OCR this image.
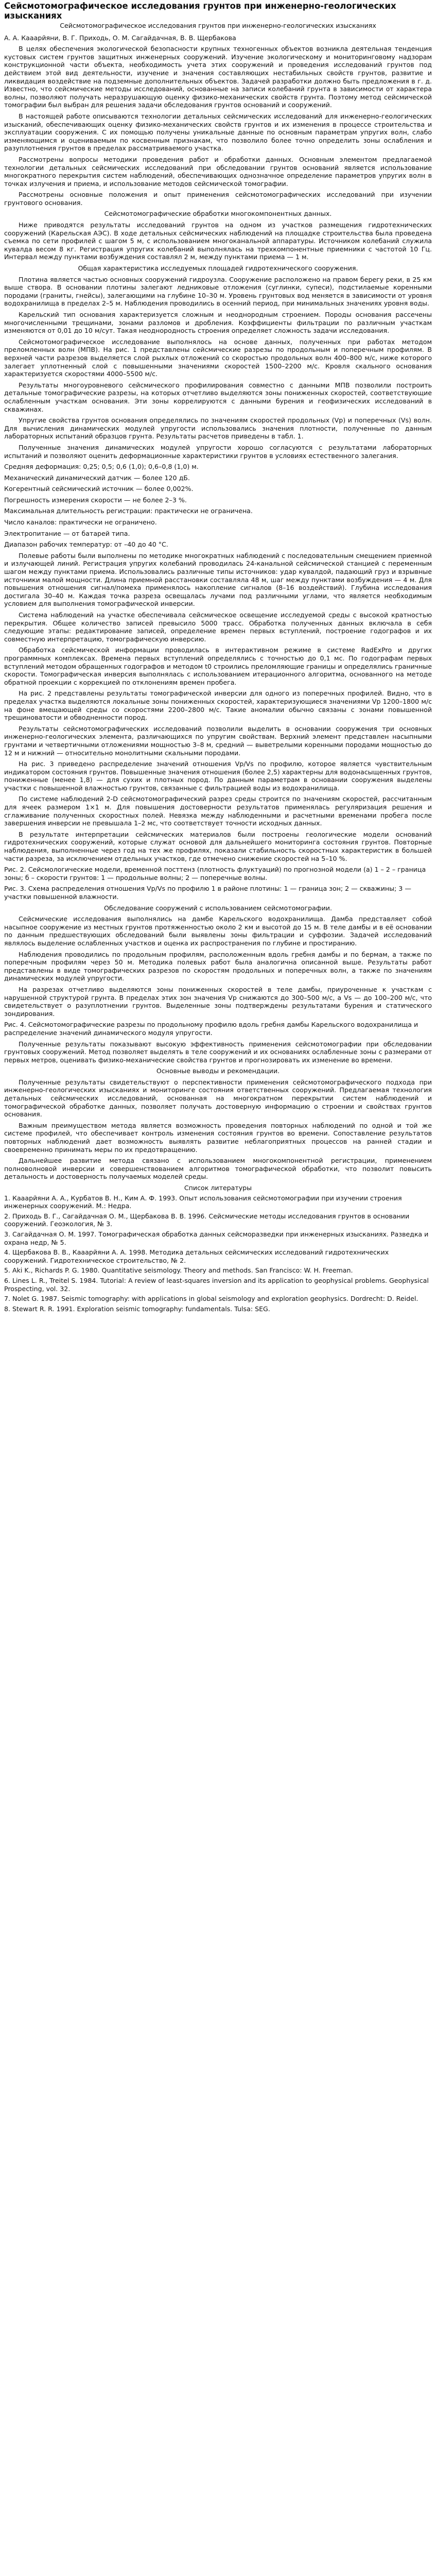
Сейсмотомографическое исследования грунтов при инженерно-геологических изысканиях
Сейсмотомографическое исследования грунтов при инженерно-геологических изысканиях

А. А. Кааарйяни, В. Г. Приходь, О. М. Сагайдачная, В. В. Щербакова

В целях обеспечения экологической безопасности крупных техногенных объектов возникла деятельная тенденция кустовых систем грунтов защитных инженерных сооружений. Изучение экологическому и мониторинговому надзорам конструкционной части объекта, необходимость учета этих сооружений и проведения исследований грунтов под действием этой вид деятельности, изучение и значения составляющих нестабильных свойств грунтов, развитие и ликвидация воздействие на подземные дополнительных объектов. Задачей разработки должно быть предложения в г. д. Известно, что сейсмические методы исследований, основанные на записи колебаний грунта в зависимости от характера волны, позволяют получать неразрушающую оценку физико-механических свойств грунта. Поэтому метод сейсмической томографии был выбран для решения задачи обследования грунтов оснований и сооружений.

В настоящей работе описываются технологии детальных сейсмических исследований для инженерно-геологических изысканий, обеспечивающих оценку физико-механических свойств грунтов и их изменения в процессе строительства и эксплуатации сооружения. С их помощью получены уникальные данные по основным параметрам упругих волн, слабо изменяющимся и оцениваемым по косвенным признакам, что позволило более точно определить зоны ослабления и разуплотнения грунтов в пределах рассматриваемого участка.

Рассмотрены вопросы методики проведения работ и обработки данных. Основным элементом предлагаемой технологии детальных сейсмических исследований при обследовании грунтов оснований является использование многократного перекрытия систем наблюдений, обеспечивающих однозначное определение параметров упругих волн в точках излучения и приема, и использование методов сейсмической томографии.

Рассмотрены основные положения и опыт применения сейсмотомографических исследований при изучении грунтового основания.

Сейсмотомографические обработки многокомпонентных данных.

Ниже приводятся результаты исследований грунтов на одном из участков размещения гидротехнических сооружений (Карельская АЭС). В ходе детальных сейсмических наблюдений на площадке строительства была проведена съемка по сети профилей с шагом 5 м, с использованием многоканальной аппаратуры. Источником колебаний служила кувалда весом 8 кг. Регистрация упругих колебаний выполнялась на трехкомпонентные приемники с частотой 10 Гц. Интервал между пунктами возбуждения составлял 2 м, между пунктами приема — 1 м.

Общая характеристика исследуемых площадей гидротехнического сооружения.

Плотина является частью основных сооружений гидроузла. Сооружение расположено на правом берегу реки, в 25 км выше створа. В основании плотины залегают ледниковые отложения (суглинки, супеси), подстилаемые коренными породами (граниты, гнейсы), залегающими на глубине 10–30 м. Уровень грунтовых вод меняется в зависимости от уровня водохранилища в пределах 2–5 м. Наблюдения проводились в осенний период, при минимальных значениях уровня воды.

Карельский тип основания характеризуется сложным и неоднородным строением. Породы основания рассечены многочисленными трещинами, зонами разломов и дробления. Коэффициенты фильтрации по различным участкам изменяются от 0,01 до 10 м/сут. Такая неоднородность строения определяет сложность задачи исследования.

Сейсмотомографическое исследование выполнялось на основе данных, полученных при работах методом преломленных волн (МПВ). На рис. 1 представлены сейсмические разрезы по продольным и поперечным профилям. В верхней части разрезов выделяется слой рыхлых отложений со скоростью продольных волн 400–800 м/с, ниже которого залегает уплотненный слой с повышенными значениями скоростей 1500–2200 м/с. Кровля скального основания характеризуется скоростями 4000–5500 м/с.

Результаты многоуровневого сейсмического профилирования совместно с данными МПВ позволили построить детальные томографические разрезы, на которых отчетливо выделяются зоны пониженных скоростей, соответствующие ослабленным участкам основания. Эти зоны коррелируются с данными бурения и геофизических исследований в скважинах.

Упругие свойства грунтов основания определялись по значениям скоростей продольных (Vp) и поперечных (Vs) волн. Для вычисления динамических модулей упругости использовались значения плотности, полученные по данным лабораторных испытаний образцов грунта. Результаты расчетов приведены в табл. 1.

Полученные значения динамических модулей упругости хорошо согласуются с результатами лабораторных испытаний и позволяют оценить деформационные характеристики грунтов в условиях естественного залегания.

Средняя деформация: 0,25; 0,5; 0,6 (1,0); 0,6–0,8 (1,0) м.

Механический динамический датчик — более 120 дБ.

Когерентный сейсмический источник — более 0,002%.

Погрешность измерения скорости — не более 2–3 %.

Максимальная длительность регистрации: практически не ограничена.

Число каналов: практически не ограничено.

Электропитание — от батарей типа.

Диапазон рабочих температур: от –40 до 40 °С.

Полевые работы были выполнены по методике многократных наблюдений с последовательным смещением приемной и излучающей линий. Регистрация упругих колебаний проводилась 24-канальной сейсмической станцией с переменным шагом между пунктами приема. Использовались различные типы источников: удар кувалдой, падающий груз и взрывные источники малой мощности. Длина приемной расстановки составляла 48 м, шаг между пунктами возбуждения — 4 м. Для повышения отношения сигнал/помеха применялось накопление сигналов (8–16 воздействий). Глубина исследования достигала 30–40 м. Каждая точка разреза освещалась лучами под различными углами, что является необходимым условием для выполнения томографической инверсии.

Система наблюдений на участке обеспечивала сейсмическое освещение исследуемой среды с высокой кратностью перекрытия. Общее количество записей превысило 5000 трасс. Обработка полученных данных включала в себя следующие этапы: редактирование записей, определение времен первых вступлений, построение годографов и их совместную интерпретацию, томографическую инверсию.

Обработка сейсмической информации проводилась в интерактивном режиме в системе RadExPro и других программных комплексах. Времена первых вступлений определялись с точностью до 0,1 мс. По годографам первых вступлений методом обращенных годографов и методом t0 строились преломляющие границы и определялись граничные скорости. Томографическая инверсия выполнялась с использованием итерационного алгоритма, основанного на методе обратной проекции с коррекцией по отклонениям времен пробега.

На рис. 2 представлены результаты томографической инверсии для одного из поперечных профилей. Видно, что в пределах участка выделяются локальные зоны пониженных скоростей, характеризующиеся значениями Vp 1200–1800 м/с на фоне вмещающей среды со скоростями 2200–2800 м/с. Такие аномалии обычно связаны с зонами повышенной трещиноватости и обводненности пород.

Результаты сейсмотомографических исследований позволили выделить в основании сооружения три основных инженерно-геологических элемента, различающихся по упругим свойствам. Верхний элемент представлен насыпными грунтами и четвертичными отложениями мощностью 3–8 м, средний — выветрелыми коренными породами мощностью до 12 м и нижний — относительно монолитными скальными породами.

На рис. 3 приведено распределение значений отношения Vp/Vs по профилю, которое является чувствительным индикатором состояния грунтов. Повышенные значения отношения (более 2,5) характерны для водонасыщенных грунтов, пониженные (менее 1,8) — для сухих и плотных пород. По данным параметрам в основании сооружения выделены участки с повышенной влажностью грунтов, связанные с фильтрацией воды из водохранилища.

По системе наблюдений 2-D сейсмотомографический разрез среды строится по значениям скоростей, рассчитанным для ячеек размером 1×1 м. Для повышения достоверности результатов применялась регуляризация решения и сглаживание полученных скоростных полей. Невязка между наблюденными и расчетными временами пробега после завершения инверсии не превышала 1–2 мс, что соответствует точности исходных данных.

В результате интерпретации сейсмических материалов были построены геологические модели оснований гидротехнических сооружений, которые служат основой для дальнейшего мониторинга состояния грунтов. Повторные наблюдения, выполненные через год на тех же профилях, показали стабильность скоростных характеристик в большей части разреза, за исключением отдельных участков, где отмечено снижение скоростей на 5–10 %.

Рис. 2. Сейсмологические модели, временной посттенз (плотность флуктуаций) по прогнозной модели (а) 1 – 2 – граница зоны; б – скорости грунтов: 1 — продольные волны; 2 — поперечные волны.

Рис. 3. Схема распределения отношения Vp/Vs по профилю 1 в районе плотины: 1 — граница зон; 2 — скважины; 3 — участки повышенной влажности.

Обследование сооружений с использованием сейсмотомографии.

Сейсмические исследования выполнялись на дамбе Карельского водохранилища. Дамба представляет собой насыпное сооружение из местных грунтов протяженностью около 2 км и высотой до 15 м. В теле дамбы и в её основании по данным предшествующих обследований были выявлены зоны фильтрации и суффозии. Задачей исследований являлось выделение ослабленных участков и оценка их распространения по глубине и простиранию.

Наблюдения проводились по продольным профилям, расположенным вдоль гребня дамбы и по бермам, а также по поперечным профилям через 50 м. Методика полевых работ была аналогична описанной выше. Результаты работ представлены в виде томографических разрезов по скоростям продольных и поперечных волн, а также по значениям динамических модулей упругости.

На разрезах отчетливо выделяются зоны пониженных скоростей в теле дамбы, приуроченные к участкам с нарушенной структурой грунта. В пределах этих зон значения Vp снижаются до 300–500 м/с, а Vs — до 100–200 м/с, что свидетельствует о разуплотнении грунтов. Выделенные зоны подтверждены результатами бурения и статического зондирования.

Рис. 4. Сейсмотомографические разрезы по продольному профилю вдоль гребня дамбы Карельского водохранилища и распределение значений динамического модуля упругости.

Полученные результаты показывают высокую эффективность применения сейсмотомографии при обследовании грунтовых сооружений. Метод позволяет выделять в теле сооружений и их основаниях ослабленные зоны с размерами от первых метров, оценивать физико-механические свойства грунтов и прогнозировать их изменение во времени.

Основные выводы и рекомендации.

Полученные результаты свидетельствуют о перспективности применения сейсмотомографического подхода при инженерно-геологических изысканиях и мониторинге состояния ответственных сооружений. Предлагаемая технология детальных сейсмических исследований, основанная на многократном перекрытии систем наблюдений и томографической обработке данных, позволяет получать достоверную информацию о строении и свойствах грунтов основания.

Важным преимуществом метода является возможность проведения повторных наблюдений по одной и той же системе профилей, что обеспечивает контроль изменения состояния грунтов во времени. Сопоставление результатов повторных наблюдений дает возможность выявлять развитие неблагоприятных процессов на ранней стадии и своевременно принимать меры по их предотвращению.

Дальнейшее развитие метода связано с использованием многокомпонентной регистрации, применением полноволновой инверсии и совершенствованием алгоритмов томографической обработки, что позволит повысить детальность и достоверность получаемых моделей среды.

Список литературы

1. Кааарйяни А. А., Курбатов В. Н., Ким А. Ф. 1993. Опыт использования сейсмотомографии при изучении строения инженерных сооружений. М.: Недра.

2. Приходь В. Г., Сагайдачная О. М., Щербакова В. В. 1996. Сейсмические методы исследования грунтов в основании сооружений. Геоэкология, № 3.

3. Сагайдачная О. М. 1997. Томографическая обработка данных сейсморазведки при инженерных изысканиях. Разведка и охрана недр, № 5.

4. Щербакова В. В., Кааарйяни А. А. 1998. Методика детальных сейсмических исследований гидротехнических сооружений. Гидротехническое строительство, № 2.

5. Aki K., Richards P. G. 1980. Quantitative seismology. Theory and methods. San Francisco: W. H. Freeman.

6. Lines L. R., Treitel S. 1984. Tutorial: A review of least-squares inversion and its application to geophysical problems. Geophysical Prospecting, vol. 32.

7. Nolet G. 1987. Seismic tomography: with applications in global seismology and exploration geophysics. Dordrecht: D. Reidel.

8. Stewart R. R. 1991. Exploration seismic tomography: fundamentals. Tulsa: SEG.
